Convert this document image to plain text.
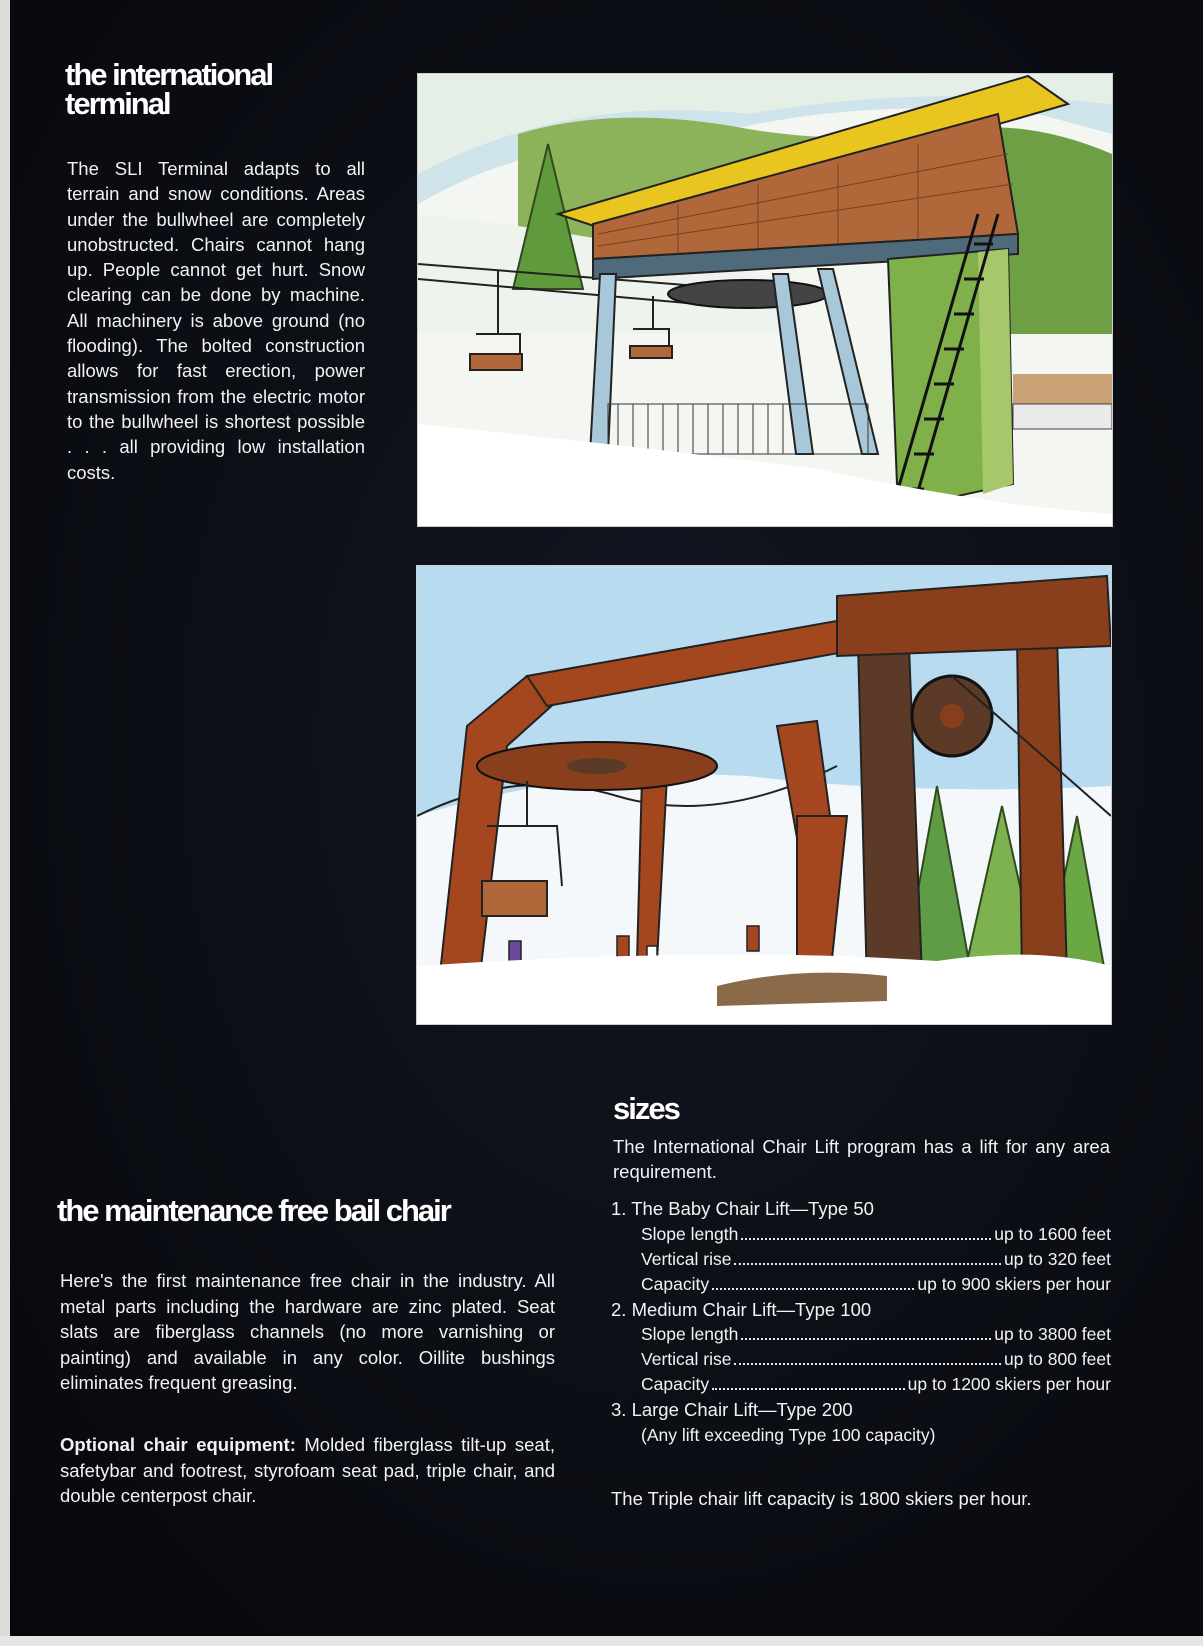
the international terminal

The SLI Terminal adapts to all terrain and snow conditions. Areas under the bullwheel are completely unobstructed. Chairs cannot hang up. People cannot get hurt. Snow clearing can be done by machine. All machinery is above ground (no flooding). The bolted construction allows for fast erection, power transmission from the electric motor to the bullwheel is shortest possible . . . all providing low installation costs.

the maintenance free bail chair

Here's the first maintenance free chair in the industry. All metal parts including the hardware are zinc plated. Seat slats are fiberglass channels (no more varnishing or painting) and available in any color. Oillite bushings eliminates frequent greasing.

Optional chair equipment: Molded fiberglass tilt-up seat, safetybar and footrest, styrofoam seat pad, triple chair, and double centerpost chair.

sizes

The International Chair Lift program has a lift for any area requirement.

1. The Baby Chair Lift—Type 50
Slope length	up to 1600 feet
Vertical rise	up to 320 feet
Capacity	up to 900 skiers per hour
2. Medium Chair Lift—Type 100
Slope length	up to 3800 feet
Vertical rise	up to 800 feet
Capacity	up to 1200 skiers per hour
3. Large Chair Lift—Type 200
(Any lift exceeding Type 100 capacity)

The Triple chair lift capacity is 1800 skiers per hour.
